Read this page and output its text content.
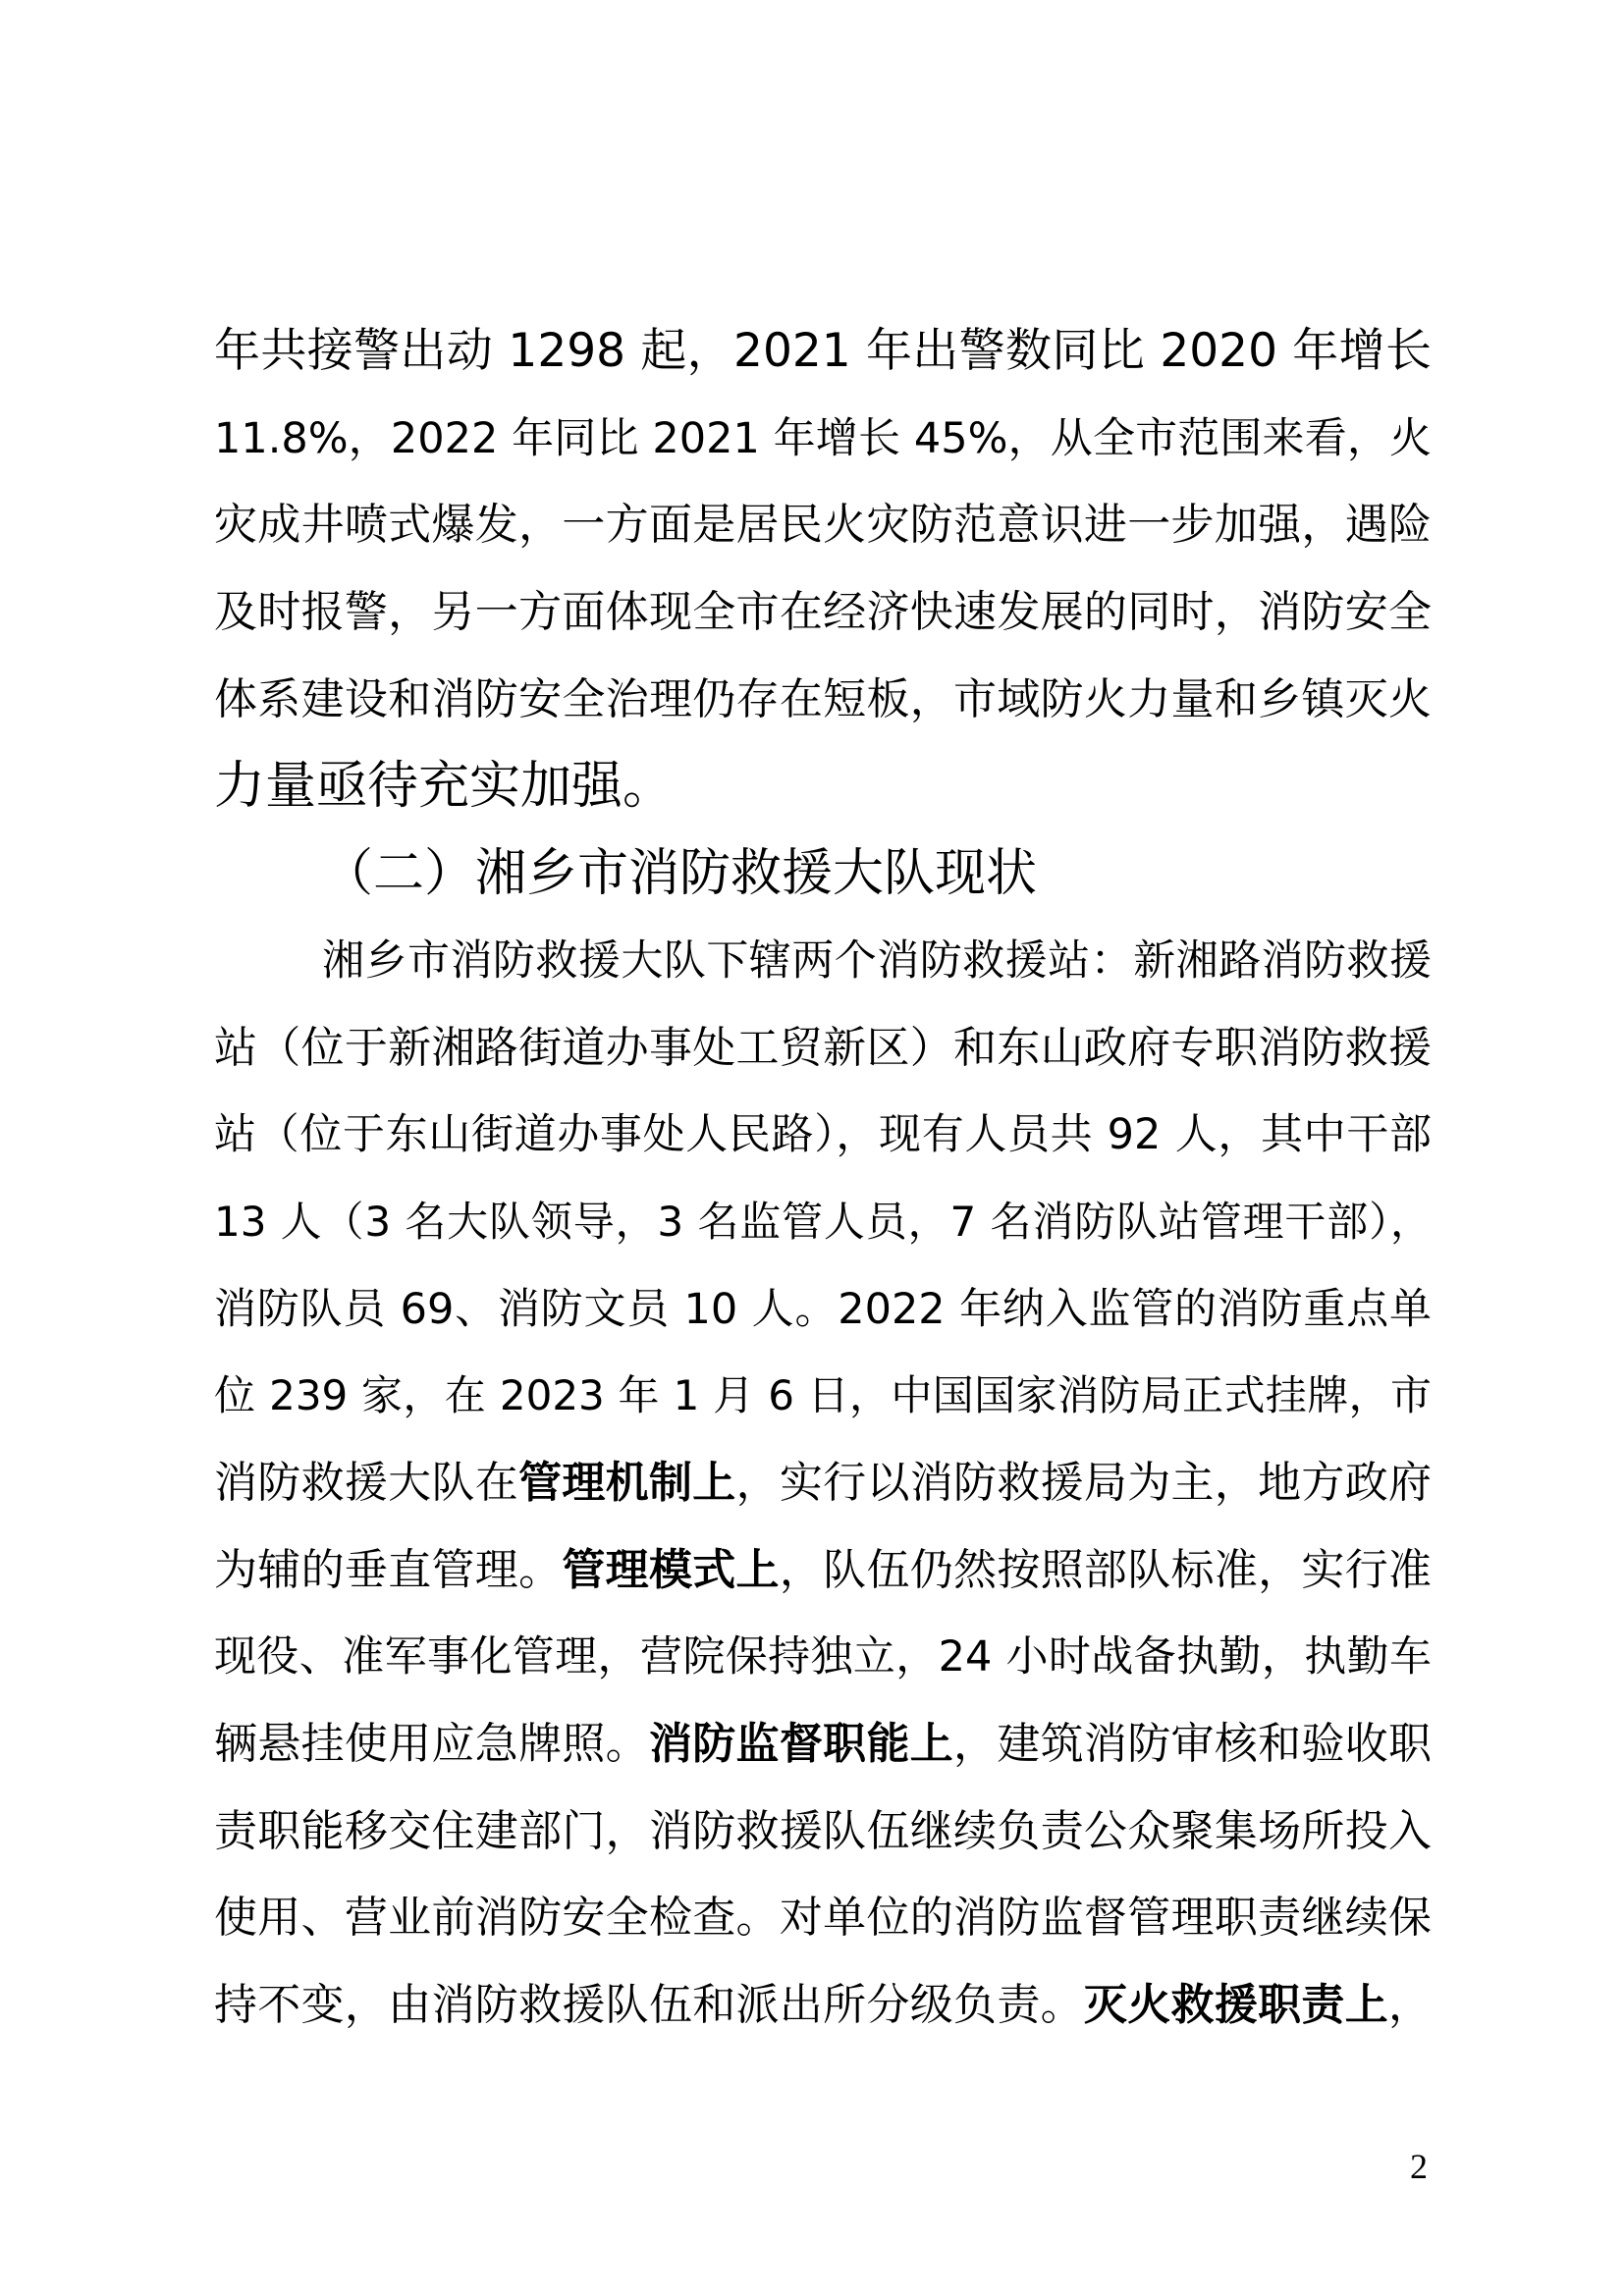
年共接警出动 1298 起，2021 年出警数同比 2020 年增长
11.8%，2022 年同比 2021 年增长 45%，从全市范围来看，火
灾成井喷式爆发，一方面是居民火灾防范意识进一步加强，遇险
及时报警，另一方面体现全市在经济快速发展的同时，消防安全
体系建设和消防安全治理仍存在短板，市域防火力量和乡镇灭火
力量亟待充实加强。
（二）湘乡市消防救援大队现状
湘乡市消防救援大队下辖两个消防救援站：新湘路消防救援
站（位于新湘路街道办事处工贸新区）和东山政府专职消防救援
站（位于东山街道办事处人民路），现有人员共 92 人，其中干部
13 人（3 名大队领导，3 名监管人员，7 名消防队站管理干部），
消防队员 69、消防文员 10 人。2022 年纳入监管的消防重点单
位 239 家，在 2023 年 1 月 6 日，中国国家消防局正式挂牌，市
消防救援大队在管理机制上，实行以消防救援局为主，地方政府
为辅的垂直管理。管理模式上，队伍仍然按照部队标准，实行准
现役、准军事化管理，营院保持独立，24 小时战备执勤，执勤车
辆悬挂使用应急牌照。消防监督职能上，建筑消防审核和验收职
责职能移交住建部门，消防救援队伍继续负责公众聚集场所投入
使用、营业前消防安全检查。对单位的消防监督管理职责继续保
持不变，由消防救援队伍和派出所分级负责。灭火救援职责上，
2
